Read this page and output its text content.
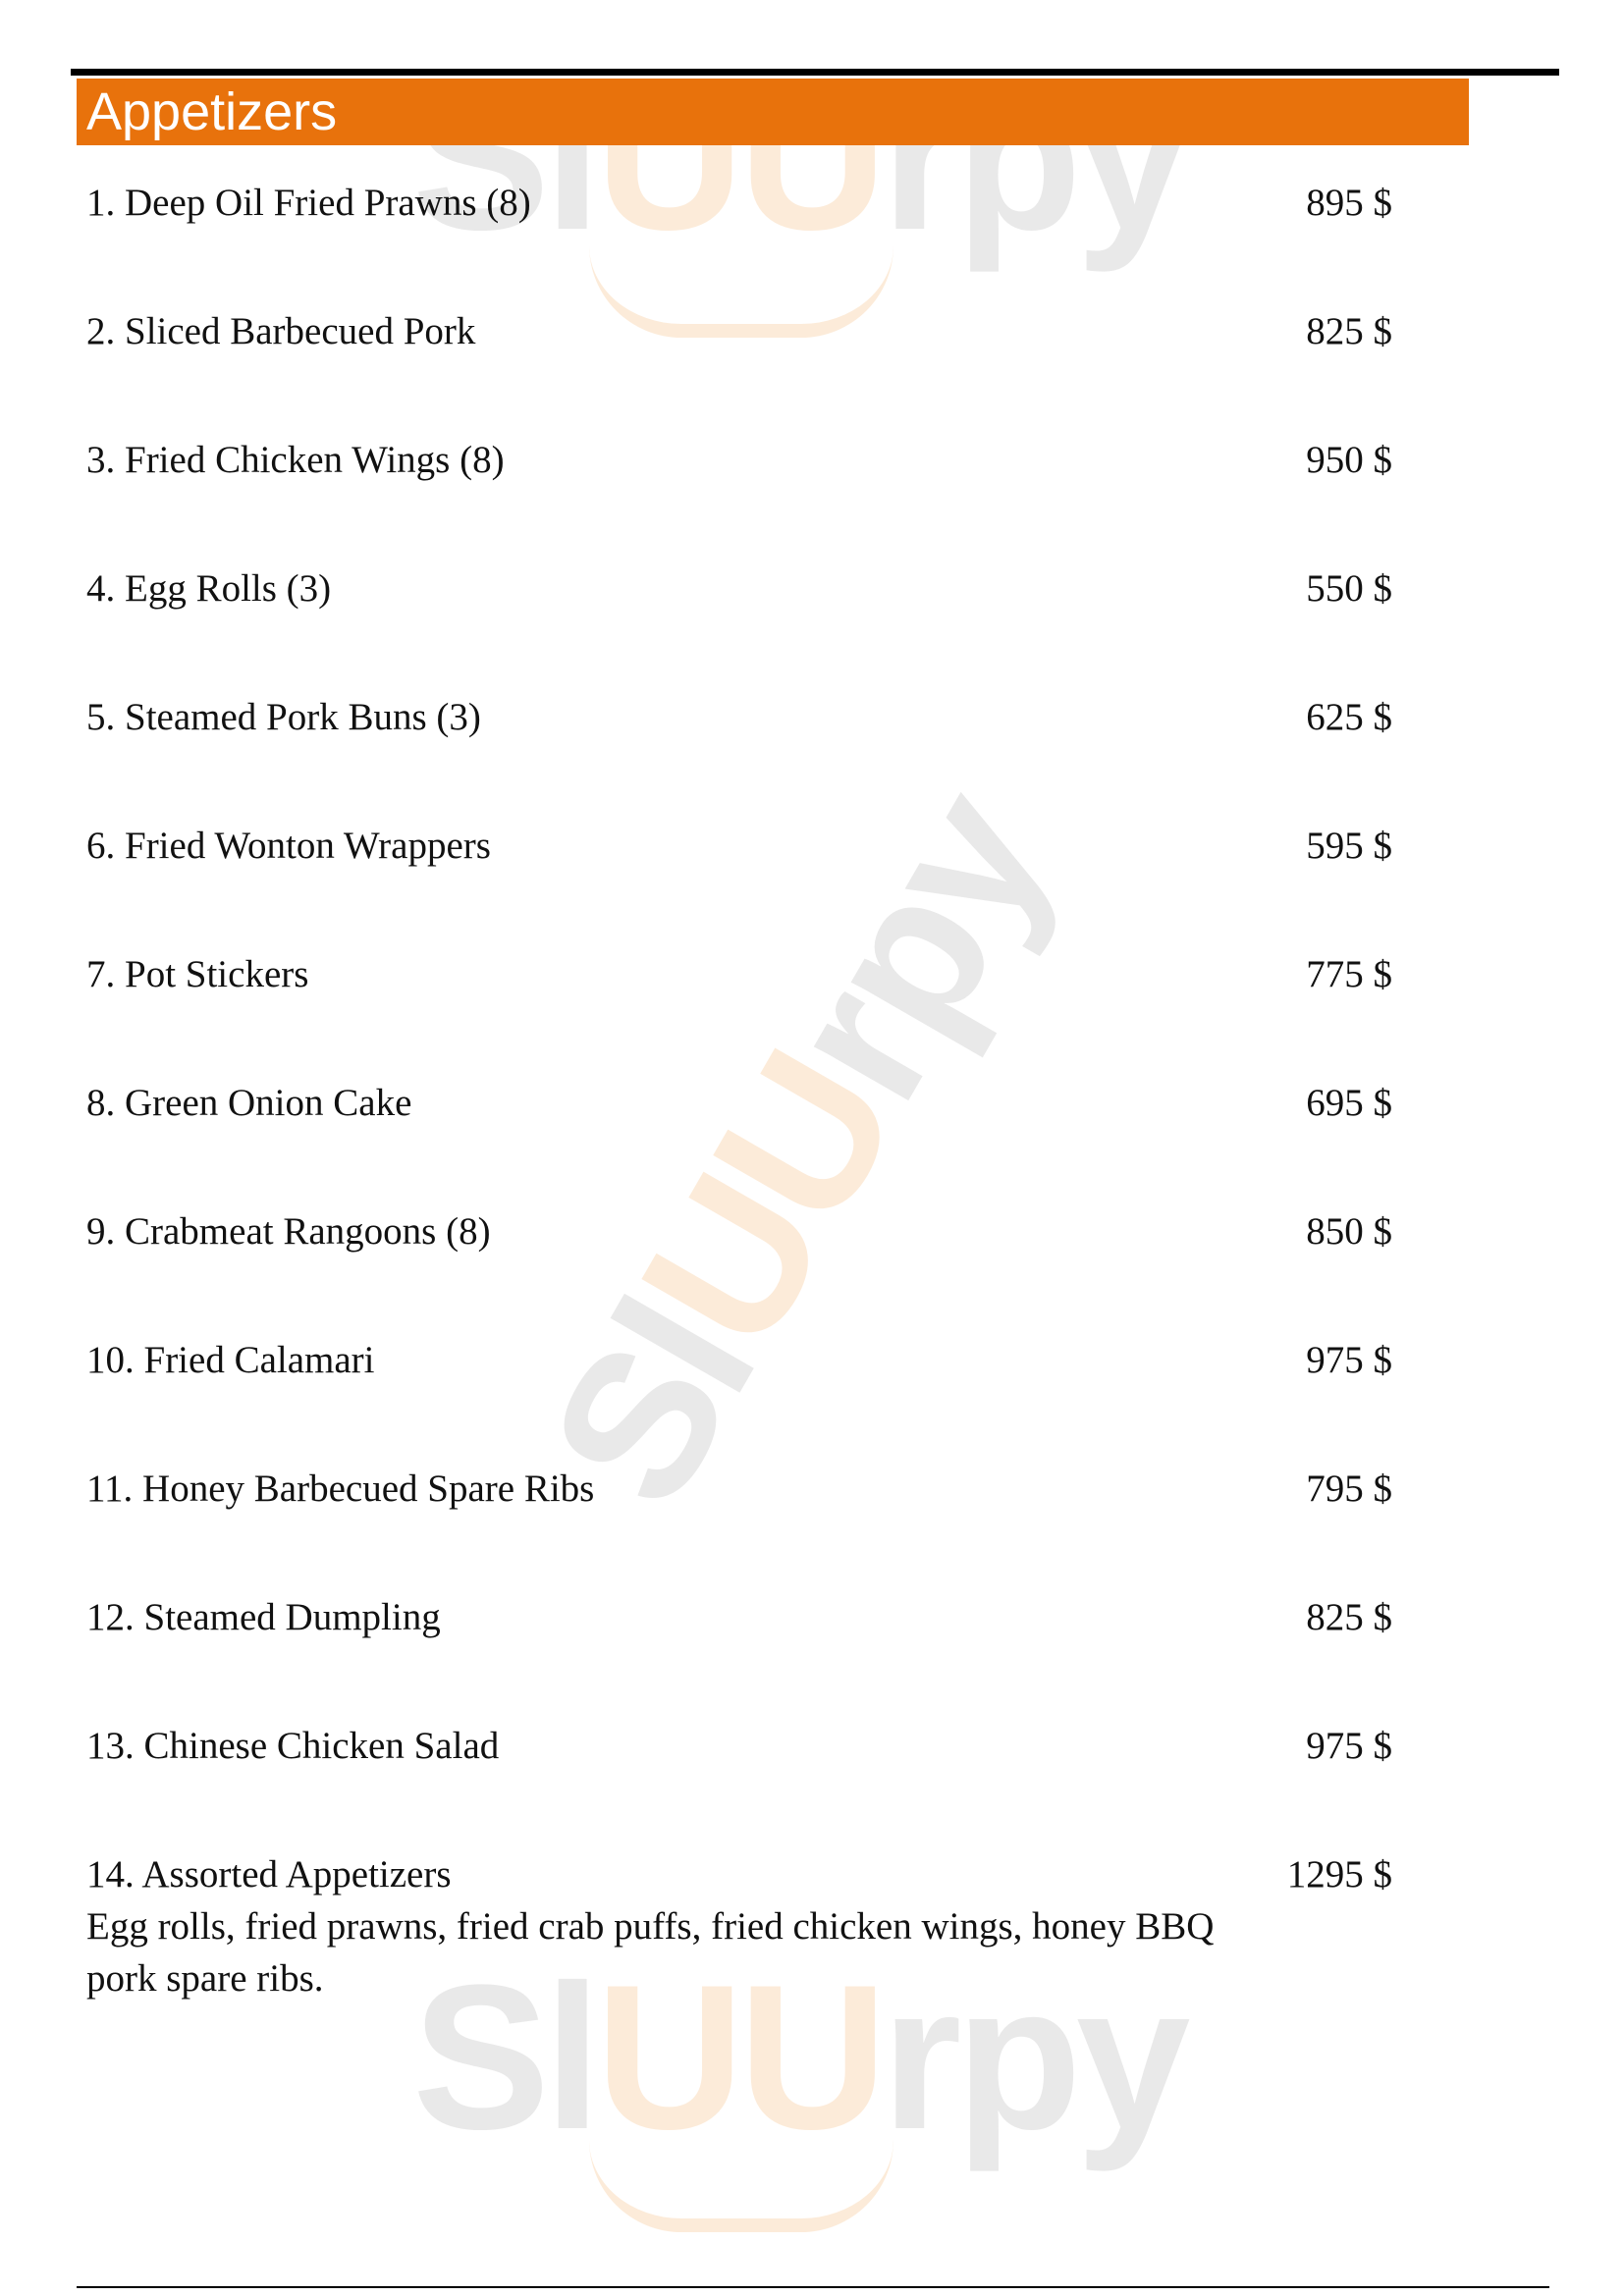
SlUUrpy
SlUUrpy
SlUUrpy
Appetizers
1. Deep Oil Fried Prawns (8)	895 $
2. Sliced Barbecued Pork	825 $
3. Fried Chicken Wings (8)	950 $
4. Egg Rolls (3)	550 $
5. Steamed Pork Buns (3)	625 $
6. Fried Wonton Wrappers	595 $
7. Pot Stickers	775 $
8. Green Onion Cake	695 $
9. Crabmeat Rangoons (8)	850 $
10. Fried Calamari	975 $
11. Honey Barbecued Spare Ribs	795 $
12. Steamed Dumpling	825 $
13. Chinese Chicken Salad	975 $
14. Assorted Appetizers	1295 $
Egg rolls, fried prawns, fried crab puffs, fried chicken wings, honey BBQ pork spare ribs.
